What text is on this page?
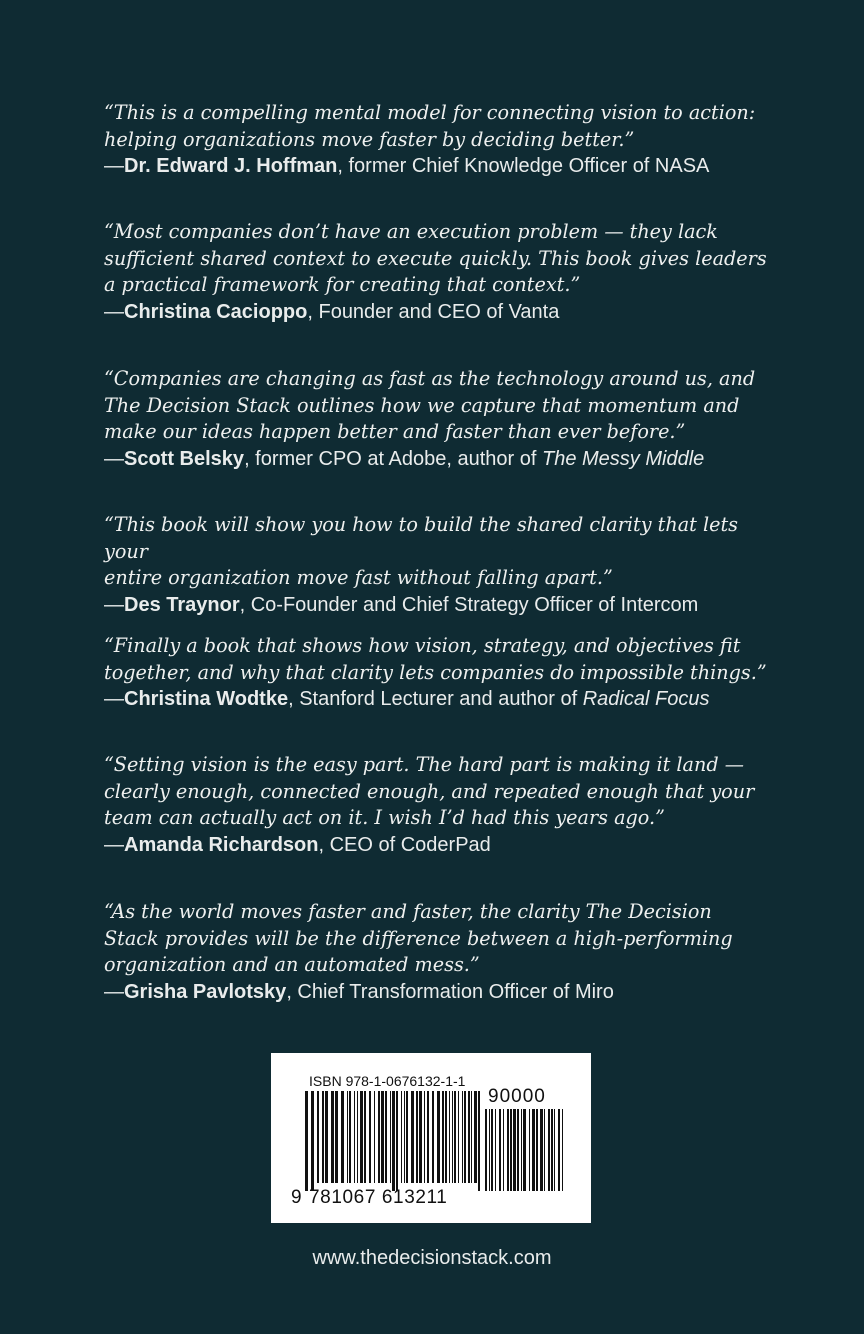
“This is a compelling mental model for connecting vision to action:
helping organizations move faster by deciding better.”

—Dr. Edward J. Hoffman, former Chief Knowledge Officer of NASA

“Most companies don’t have an execution problem — they lack
sufficient shared context to execute quickly. This book gives leaders
a practical framework for creating that context.”

—Christina Cacioppo, Founder and CEO of Vanta

“Companies are changing as fast as the technology around us, and
The Decision Stack outlines how we capture that momentum and
make our ideas happen better and faster than ever before.”

—Scott Belsky, former CPO at Adobe, author of The Messy Middle

“This book will show you how to build the shared clarity that lets your
entire organization move fast without falling apart.”

—Des Traynor, Co-Founder and Chief Strategy Officer of Intercom

“Finally a book that shows how vision, strategy, and objectives fit
together, and why that clarity lets companies do impossible things.”

—Christina Wodtke, Stanford Lecturer and author of Radical Focus

“Setting vision is the easy part. The hard part is making it land —
clearly enough, connected enough, and repeated enough that your
team can actually act on it. I wish I’d had this years ago.”

—Amanda Richardson, CEO of CoderPad

“As the world moves faster and faster, the clarity The Decision
Stack provides will be the difference between a high-performing
organization and an automated mess.”

—Grisha Pavlotsky, Chief Transformation Officer of Miro

ISBN 978-1-0676132-1-1
90000
9 781067 613211
www.thedecisionstack.com
